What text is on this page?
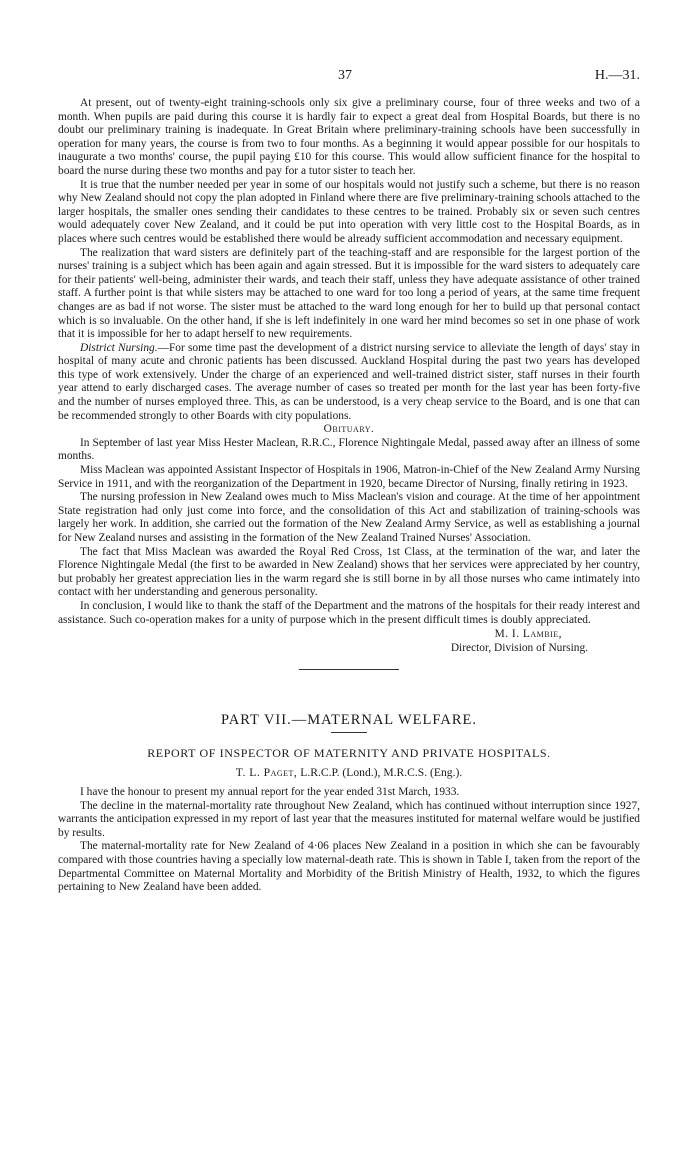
37	H.—31.

At present, out of twenty-eight training-schools only six give a preliminary course, four of three weeks and two of a month. When pupils are paid during this course it is hardly fair to expect a great deal from Hospital Boards, but there is no doubt our preliminary training is inadequate. In Great Britain where preliminary-training schools have been successfully in operation for many years, the course is from two to four months. As a beginning it would appear possible for our hospitals to inaugurate a two months' course, the pupil paying £10 for this course. This would allow sufficient finance for the hospital to board the nurse during these two months and pay for a tutor sister to teach her.

It is true that the number needed per year in some of our hospitals would not justify such a scheme, but there is no reason why New Zealand should not copy the plan adopted in Finland where there are five preliminary-training schools attached to the larger hospitals, the smaller ones sending their candidates to these centres to be trained. Probably six or seven such centres would adequately cover New Zealand, and it could be put into operation with very little cost to the Hospital Boards, as in places where such centres would be established there would be already sufficient accommodation and necessary equipment.

The realization that ward sisters are definitely part of the teaching-staff and are responsible for the largest portion of the nurses' training is a subject which has been again and again stressed. But it is impossible for the ward sisters to adequately care for their patients' well-being, administer their wards, and teach their staff, unless they have adequate assistance of other trained staff. A further point is that while sisters may be attached to one ward for too long a period of years, at the same time frequent changes are as bad if not worse. The sister must be attached to the ward long enough for her to build up that personal contact which is so invaluable. On the other hand, if she is left indefinitely in one ward her mind becomes so set in one phase of work that it is impossible for her to adapt herself to new requirements.

District Nursing.—For some time past the development of a district nursing service to alleviate the length of days' stay in hospital of many acute and chronic patients has been discussed. Auckland Hospital during the past two years has developed this type of work extensively. Under the charge of an experienced and well-trained district sister, staff nurses in their fourth year attend to early discharged cases. The average number of cases so treated per month for the last year has been forty-five and the number of nurses employed three. This, as can be understood, is a very cheap service to the Board, and is one that can be recommended strongly to other Boards with city populations.

Obituary.

In September of last year Miss Hester Maclean, R.R.C., Florence Nightingale Medal, passed away after an illness of some months.

Miss Maclean was appointed Assistant Inspector of Hospitals in 1906, Matron-in-Chief of the New Zealand Army Nursing Service in 1911, and with the reorganization of the Department in 1920, became Director of Nursing, finally retiring in 1923.

The nursing profession in New Zealand owes much to Miss Maclean's vision and courage. At the time of her appointment State registration had only just come into force, and the consolidation of this Act and stabilization of training-schools was largely her work. In addition, she carried out the formation of the New Zealand Army Service, as well as establishing a journal for New Zealand nurses and assisting in the formation of the New Zealand Trained Nurses' Association.

The fact that Miss Maclean was awarded the Royal Red Cross, 1st Class, at the termination of the war, and later the Florence Nightingale Medal (the first to be awarded in New Zealand) shows that her services were appreciated by her country, but probably her greatest appreciation lies in the warm regard she is still borne in by all those nurses who came intimately into contact with her understanding and generous personality.

In conclusion, I would like to thank the staff of the Department and the matrons of the hospitals for their ready interest and assistance. Such co-operation makes for a unity of purpose which in the present difficult times is doubly appreciated.

M. I. Lambie,
Director, Division of Nursing.

PART VII.—MATERNAL WELFARE.

REPORT OF INSPECTOR OF MATERNITY AND PRIVATE HOSPITALS.

T. L. Paget, L.R.C.P. (Lond.), M.R.C.S. (Eng.).

I have the honour to present my annual report for the year ended 31st March, 1933.

The decline in the maternal-mortality rate throughout New Zealand, which has continued without interruption since 1927, warrants the anticipation expressed in my report of last year that the measures instituted for maternal welfare would be justified by results.

The maternal-mortality rate for New Zealand of 4·06 places New Zealand in a position in which she can be favourably compared with those countries having a specially low maternal-death rate. This is shown in Table I, taken from the report of the Departmental Committee on Maternal Mortality and Morbidity of the British Ministry of Health, 1932, to which the figures pertaining to New Zealand have been added.
